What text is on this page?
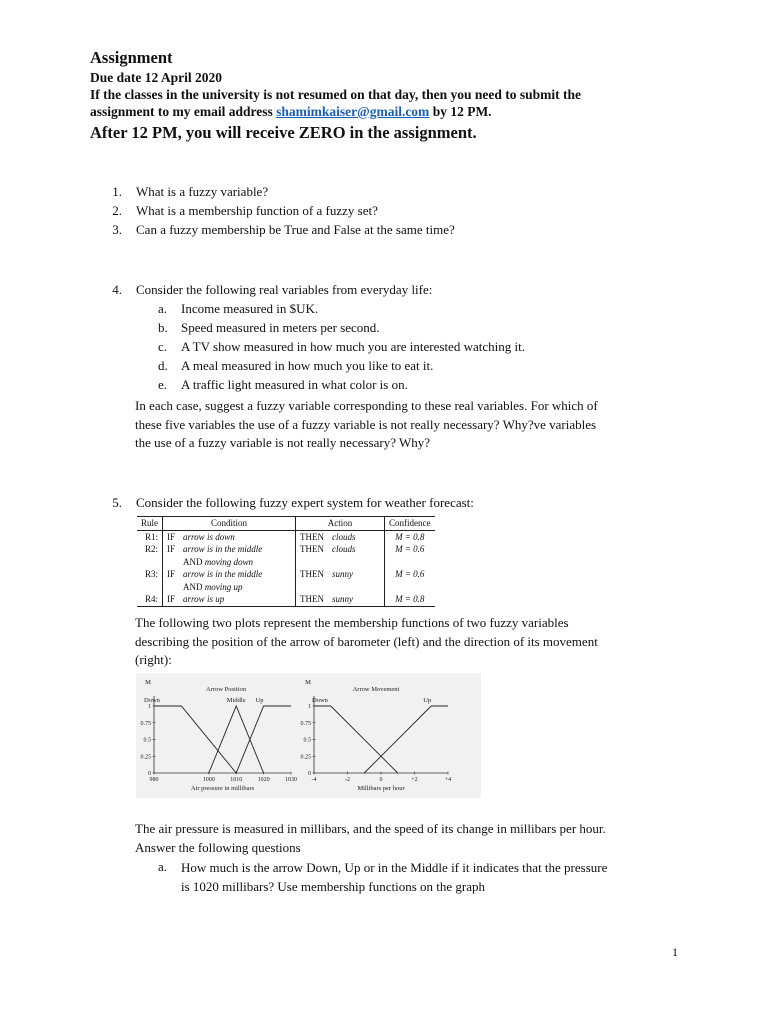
Assignment
Due date 12 April 2020
If the classes in the university is not resumed on that day, then you need to submit the
assignment to my email address shamimkaiser@gmail.com by 12 PM.
After 12 PM, you will receive ZERO in the assignment.
1. What is a fuzzy variable?
2. What is a membership function of a fuzzy set?
3. Can a fuzzy membership be True and False at the same time?
4. Consider the following real variables from everyday life:
a. Income measured in $UK.
b. Speed measured in meters per second.
c. A TV show measured in how much you are interested watching it.
d. A meal measured in how much you like to eat it.
e. A traffic light measured in what color is on.
In each case, suggest a fuzzy variable corresponding to these real variables. For which of
these five variables the use of a fuzzy variable is not really necessary? Why?ve variables
the use of a fuzzy variable is not really necessary? Why?
5. Consider the following fuzzy expert system for weather forecast:
Rule	Condition		Action		Confidence
R1:	IF	arrow is down	THEN	clouds	M = 0.8
R2:	IF	arrow is in the middle	THEN	clouds	M = 0.6
		AND moving down			
R3:	IF	arrow is in the middle	THEN	sunny	M = 0.6
		AND moving up			
R4:	IF	arrow is up	THEN	sunny	M = 0.8
The following two plots represent the membership functions of two fuzzy variables
describing the position of the arrow of barometer (left) and the direction of its movement
(right):
M
Arrow Position
Air pressure in millibars
0
0.25
0.5
0.75
1
980	1000	1010	1020	1030
Down	Middle Up
M
Arrow Movement
Millibars per hour
0
0.25
0.5
0.75
1
-4	-2	0	+2	+4
Down	Up
The air pressure is measured in millibars, and the speed of its change in millibars per hour.
Answer the following questions
a. How much is the arrow Down, Up or in the Middle if it indicates that the pressure
is 1020 millibars? Use membership functions on the graph
1
